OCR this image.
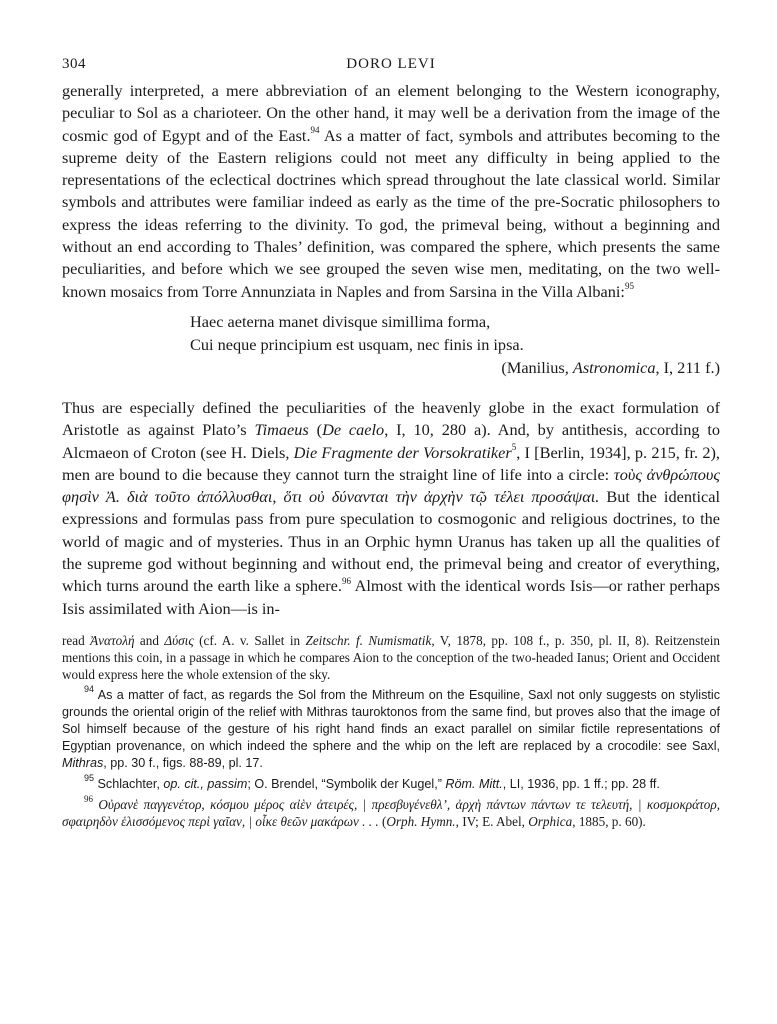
304	DORO LEVI

generally interpreted, a mere abbreviation of an element belonging to the Western iconography, peculiar to Sol as a charioteer. On the other hand, it may well be a derivation from the image of the cosmic god of Egypt and of the East.$^{94}$ As a matter of fact, symbols and attributes becoming to the supreme deity of the Eastern religions could not meet any difficulty in being applied to the representations of the eclectical doctrines which spread throughout the late classical world. Similar symbols and attributes were familiar indeed as early as the time of the pre-Socratic philosophers to express the ideas referring to the divinity. To god, the primeval being, without a beginning and without an end according to Thales’ definition, was compared the sphere, which presents the same peculiarities, and before which we see grouped the seven wise men, meditating, on the two well-known mosaics from Torre Annunziata in Naples and from Sarsina in the Villa Albani:$^{95}$

Haec aeterna manet divisque simillima forma,
Cui neque principium est usquam, nec finis in ipsa.
(Manilius, Astronomica, I, 211 f.)

Thus are especially defined the peculiarities of the heavenly globe in the exact formulation of Aristotle as against Plato’s Timaeus (De caelo, I, 10, 280 a). And, by antithesis, according to Alcmaeon of Croton (see H. Diels, Die Fragmente der Vorsokratiker$^5$, I [Berlin, 1934], p. 215, fr. 2), men are bound to die because they cannot turn the straight line of life into a circle: τοὺς ἀνθρώπους φησὶν Ἀ. διὰ τοῦτο ἀπόλλυσθαι, ὅτι οὐ δύνανται τὴν ἀρχὴν τῷ τέλει προσάψαι. But the identical expressions and formulas pass from pure speculation to cosmogonic and religious doctrines, to the world of magic and of mysteries. Thus in an Orphic hymn Uranus has taken up all the qualities of the supreme god without beginning and without end, the primeval being and creator of everything, which turns around the earth like a sphere.$^{96}$ Almost with the identical words Isis—or rather perhaps Isis assimilated with Aion—is in-

read Ἀνατολή and Δύσις (cf. A. v. Sallet in Zeitschr. f. Numismatik, V, 1878, pp. 108 f., p. 350, pl. II, 8). Reitzenstein mentions this coin, in a passage in which he compares Aion to the conception of the two-headed Ianus; Orient and Occident would express here the whole extension of the sky.

$^{94}$ As a matter of fact, as regards the Sol from the Mithreum on the Esquiline, Saxl not only suggests on stylistic grounds the oriental origin of the relief with Mithras tauroktonos from the same find, but proves also that the image of Sol himself because of the gesture of his right hand finds an exact parallel on similar fictile representations of Egyptian provenance, on which indeed the sphere and the whip on the left are replaced by a crocodile: see Saxl, Mithras, pp. 30 f., figs. 88-89, pl. 17.

$^{95}$ Schlachter, op. cit., passim; O. Brendel, “Symbolik der Kugel,” Röm. Mitt., LI, 1936, pp. 1 ff.; pp. 28 ff.

$^{96}$ Οὐρανὲ παγγενέτορ, κόσμου μέρος αἰὲν ἀτειρές, | πρεσβυγένεθλ’, ἀρχὴ πάντων πάντων τε τελευτή, | κοσμοκράτορ, σφαιρηδὸν ἑλισσόμενος περὶ γαῖαν, | οἶκε θεῶν μακάρων . . . (Orph. Hymn., IV; E. Abel, Orphica, 1885, p. 60).
